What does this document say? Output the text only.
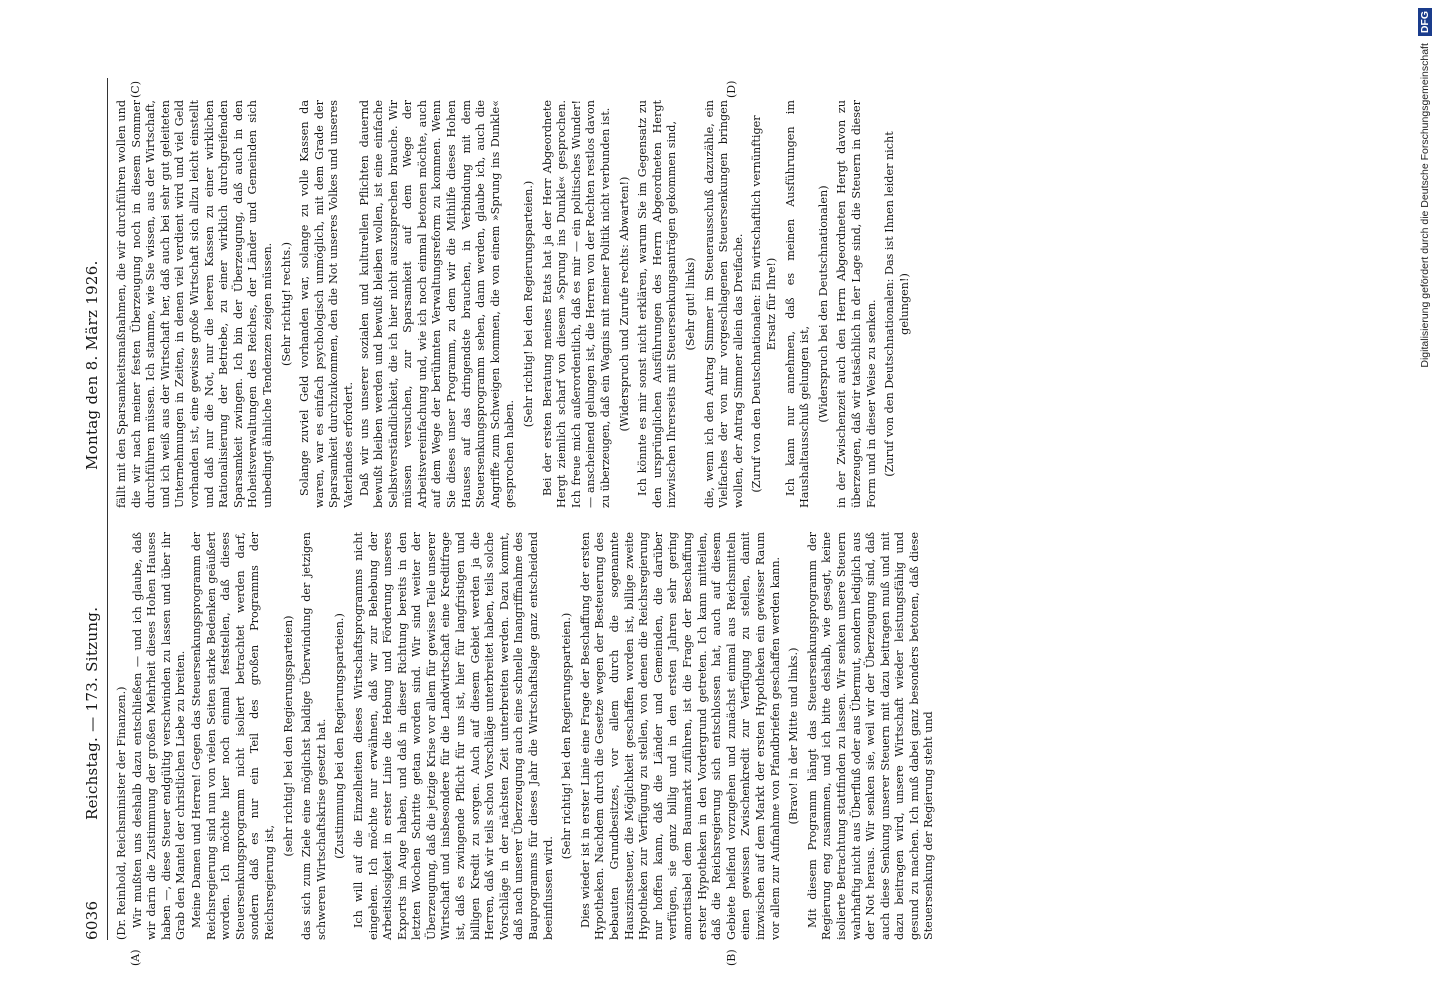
6036
Reichstag. — 173. Sitzung.
Montag den 8. März 1926.
(A)	(B)
(C)	(D)

(Dr. Reinhold, Reichsminister der Finanzen.) Wir mußten uns deshalb dazu entschließen — und ich glaube, daß wir darin die Zustimmung der großen Mehrheit dieses Hohen Hauses haben —, diese Steuer endgültig verschwinden zu lassen und über ihr Grab den Mantel der christlichen Liebe zu breiten. Meine Damen und Herren! Gegen das Steuersenkungsprogramm der Reichsregierung sind nun von vielen Seiten starke Bedenken geäußert worden. Ich möchte hier noch einmal feststellen, daß dieses Steuersenkungsprogramm nicht isoliert betrachtet werden darf, sondern daß es nur ein Teil des großen Programms der Reichsregierung ist,

(sehr richtig! bei den Regierungsparteien) das sich zum Ziele eine möglichst baldige Überwindung der jetzigen schweren Wirtschaftskrise gesetzt hat. (Zustimmung bei den Regierungsparteien.) Ich will auf die Einzelheiten dieses Wirtschaftsprogramms nicht eingehen. Ich möchte nur erwähnen, daß wir zur Behebung der Arbeitslosigkeit in erster Linie die Hebung und Förderung unseres Exports im Auge haben, und daß in dieser Richtung bereits in den letzten Wochen Schritte getan worden sind. Wir sind weiter der Überzeugung, daß die jetzige Krise vor allem für gewisse Teile unserer Wirtschaft und insbesondere für die Landwirtschaft eine Kreditfrage ist, daß es zwingende Pflicht für uns ist, hier für langfristigen und billigen Kredit zu sorgen. Auch auf diesem Gebiet werden ja die Herren, daß wir teils schon Vorschläge unterbreitet haben, teils solche Vorschläge in der nächsten Zeit unterbreiten werden. Dazu kommt, daß nach unserer Überzeugung auch eine schnelle Inangriffnahme des Bauprogramms für dieses Jahr die Wirtschaftslage ganz entscheidend beeinflussen wird.

(Sehr richtig! bei den Regierungsparteien.) Dies wieder ist in erster Linie eine Frage der Beschaffung der ersten Hypotheken. Nachdem durch die Gesetze wegen der Besteuerung des bebauten Grundbesitzes, vor allem durch die sogenannte Hauszinssteuer, die Möglichkeit geschaffen worden ist, billige zweite Hypotheken zur Verfügung zu stellen, von denen die Reichsregierung nur hoffen kann, daß die Länder und Gemeinden, die darüber verfügen, sie ganz billig und in den ersten Jahren sehr gering amortisabel dem Baumarkt zuführen, ist die Frage der Beschaffung erster Hypotheken in den Vordergrund getreten. Ich kann mitteilen, daß die Reichsregierung sich entschlossen hat, auch auf diesem Gebiete helfend vorzugehen und zunächst einmal aus Reichsmitteln einen gewissen Zwischenkredit zur Verfügung zu stellen, damit inzwischen auf dem Markt der ersten Hypotheken ein gewisser Raum vor allem zur Aufnahme von Pfandbriefen geschaffen werden kann. (Bravo! in der Mitte und links.) Mit diesem Programm hängt das Steuersenkungsprogramm der Regierung eng zusammen, und ich bitte deshalb, wie gesagt, keine isolierte Betrachtung stattfinden zu lassen. Wir senken unsere Steuern wahrhaftig nicht aus Überfluß oder aus Übermut, sondern lediglich aus der Not heraus. Wir senken sie, weil wir der Überzeugung sind, daß auch diese Senkung unserer Steuern mit dazu beitragen muß und mit dazu beitragen wird, unsere Wirtschaft wieder leistungsfähig und gesund zu machen. Ich muß dabei ganz besonders betonen, daß diese Steuersenkung der Regierung steht und

fällt mit den Sparsamkeitsmaßnahmen, die wir durchführen wollen und die wir nach meiner festen Überzeugung noch in diesem Sommer durchführen müssen. Ich stamme, wie Sie wissen, aus der Wirtschaft, und ich weiß aus der Wirtschaft her, daß auch bei sehr gut geleiteten Unternehmungen in Zeiten, in denen viel verdient wird und viel Geld vorhanden ist, eine gewisse große Wirtschaft sich allzu leicht einstellt und daß nur die Not, nur die leeren Kassen zu einer wirklichen Rationalisierung der Betriebe, zu einer wirklich durchgreifenden Sparsamkeit zwingen. Ich bin der Überzeugung, daß auch in den Hoheitsverwaltungen des Reiches, der Länder und Gemeinden sich unbedingt ähnliche Tendenzen zeigen müssen. (Sehr richtig! rechts.) Solange zuviel Geld vorhanden war, solange zu volle Kassen da waren, war es einfach psychologisch unmöglich, mit dem Grade der Sparsamkeit durchzukommen, den die Not unseres Volkes und unseres Vaterlandes erfordert. Daß wir uns unserer sozialen und kulturellen Pflichten dauernd bewußt bleiben werden und bewußt bleiben wollen, ist eine einfache Selbstverständlichkeit, die ich hier nicht auszusprechen brauche. Wir müssen versuchen, zur Sparsamkeit auf dem Wege der Arbeitsvereinfachung und, wie ich noch einmal betonen möchte, auch auf dem Wege der berühmten Verwaltungsreform zu kommen. Wenn Sie dieses unser Programm, zu dem wir die Mithilfe dieses Hohen Hauses auf das dringendste brauchen, in Verbindung mit dem Steuersenkungsprogramm sehen, dann werden, glaube ich, auch die Angriffe zum Schweigen kommen, die von einem »Sprung ins Dunkle« gesprochen haben.

(Sehr richtig! bei den Regierungsparteien.) Bei der ersten Beratung meines Etats hat ja der Herr Abgeordnete Hergt ziemlich scharf von diesem »Sprung ins Dunkle« gesprochen. Ich freue mich außerordentlich, daß es mir — ein politisches Wunder! — anscheinend gelungen ist, die Herren von der Rechten restlos davon zu überzeugen, daß ein Wagnis mit meiner Politik nicht verbunden ist. (Widerspruch und Zurufe rechts: Abwarten!) Ich könnte es mir sonst nicht erklären, warum Sie im Gegensatz zu den ursprünglichen Ausführungen des Herrn Abgeordneten Hergt inzwischen Ihrerseits mit Steuersenkungsanträgen gekommen sind, (Sehr gut! links) die, wenn ich den Antrag Simmer im Steuerausschuß dazuzähle, ein Vielfaches der von mir vorgeschlagenen Steuersenkungen bringen wollen, der Antrag Simmer allein das Dreifache. (Zuruf von den Deutschnationalen: Ein wirtschaftlich vernünftiger Ersatz für Ihre!) Ich kann nur annehmen, daß es meinen Ausführungen im Haushaltausschuß gelungen ist, (Widerspruch bei den Deutschnationalen) in der Zwischenzeit auch den Herrn Abgeordneten Hergt davon zu überzeugen, daß wir tatsächlich in der Lage sind, die Steuern in dieser Form und in dieser Weise zu senken. (Zuruf von den Deutschnationalen: Das ist Ihnen leider nicht gelungen!)	Digitalisierung gefördert durch die Deutsche Forschungsgemeinschaft DFG
